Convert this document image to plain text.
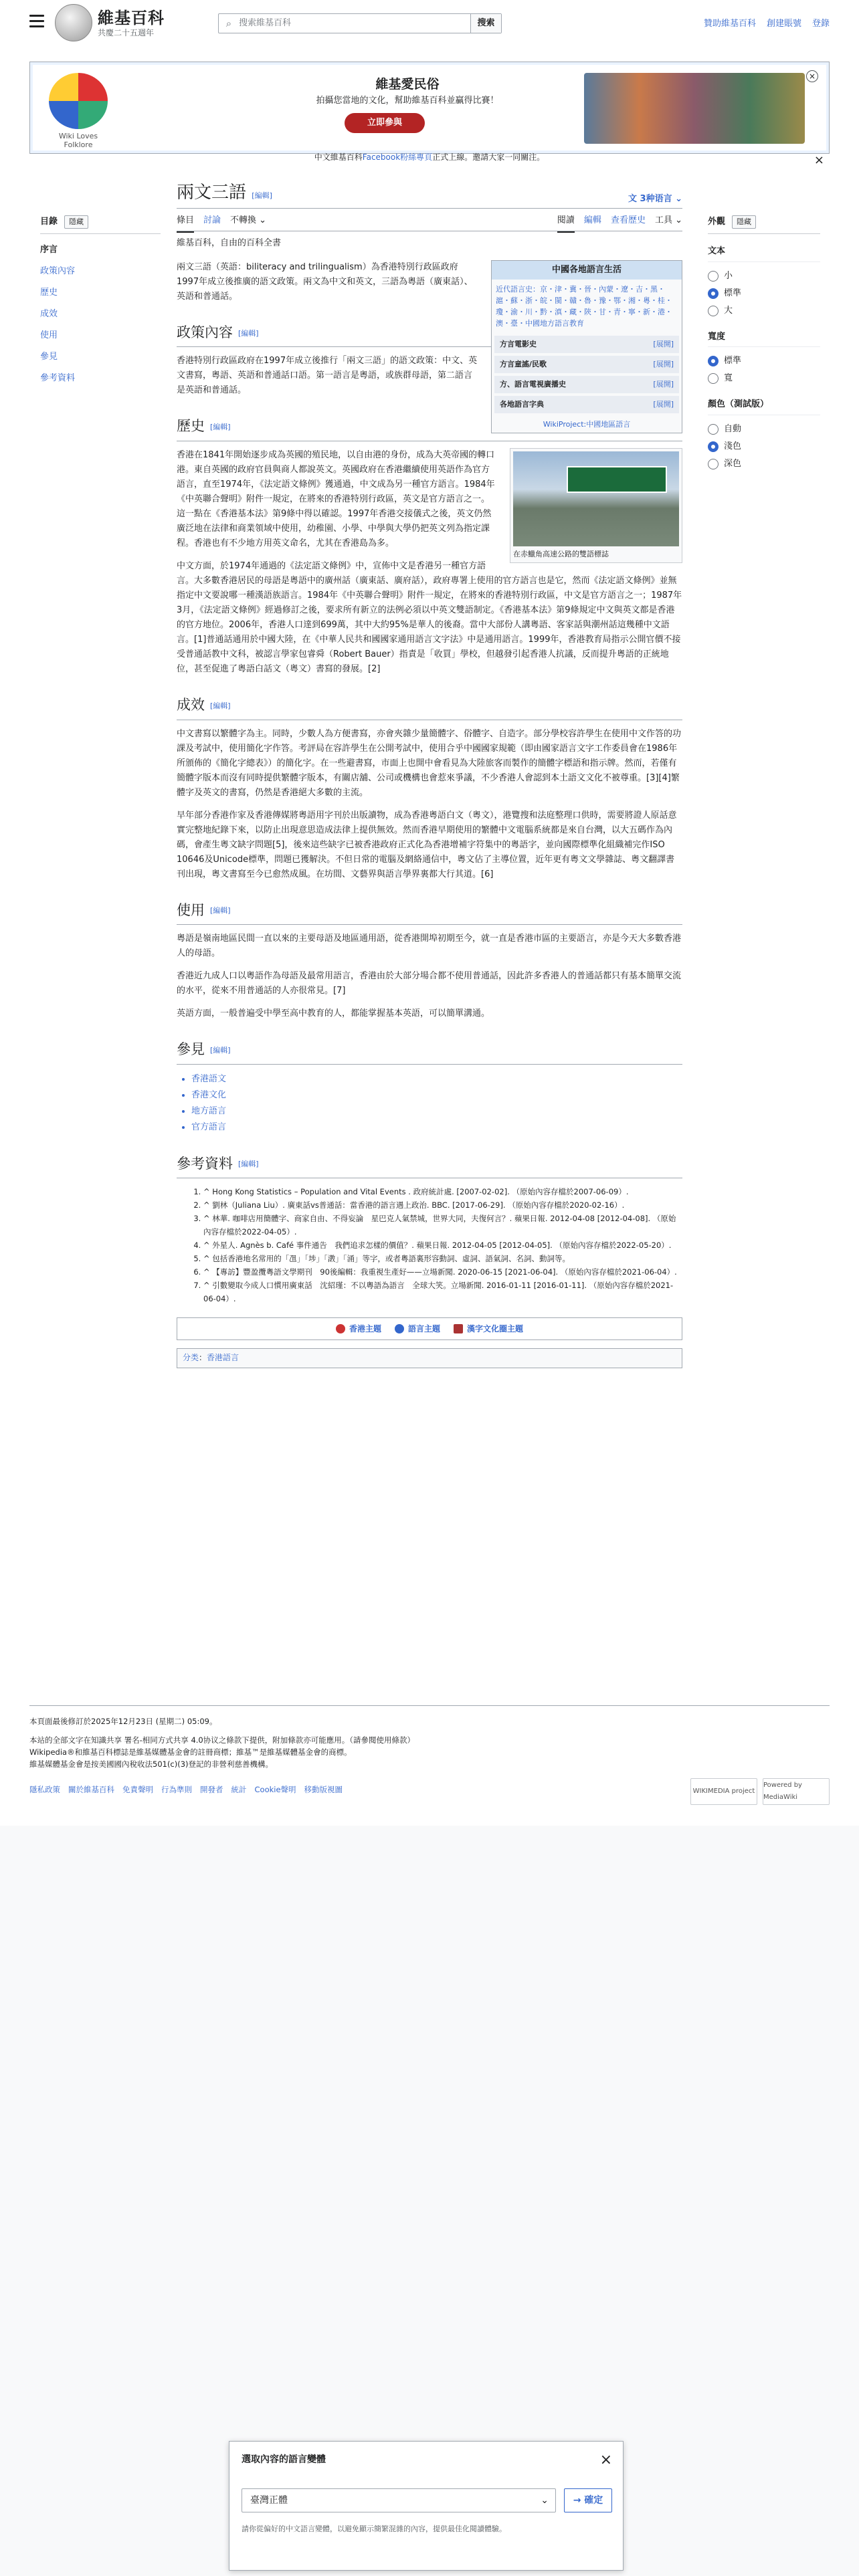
維基百科
共慶二十五週年
⌕ 搜索維基百科	搜索	贊助維基百科 創建賬號 登錄
Wiki Loves Folklore
維基愛民俗
拍攝您當地的文化，幫助維基百科並贏得比賽！
立即參與
×
中文維基百科Facebook粉絲專頁正式上線。邀請大家一同關注。	×
目錄	隱藏
序言
政策內容
歷史
成效
使用
參見
參考資料
外觀	隱藏
文本
小
標準
大
寬度
標準
寬
顏色（測試版）
自動
淺色
深色
兩文三語 [編輯]	文 3种语言 ⌄
條目 討論 不轉換 ⌄	閱讀 編輯 查看歷史 工具 ⌄
維基百科，自由的百科全書
中國各地語言生活
近代語言史：京・津・冀・晉・內蒙・遼・吉・黑・滬・蘇・浙・皖・閩・贛・魯・豫・鄂・湘・粵・桂・瓊・渝・川・黔・滇・藏・陝・甘・青・寧・新・港・澳・臺・中國地方語言教育
方言電影史	[展開]
方言童謠/民歌	[展開]
方、語言電視廣播史	[展開]
各地語言字典	[展開]
WikiProject:中國地區語言

兩文三語（英語：biliteracy and trilingualism）為香港特別行政區政府1997年成立後推廣的語文政策。兩文為中文和英文，三語為粵語（廣東話）、英語和普通話。

政策內容 [編輯]

香港特別行政區政府在1997年成立後推行「兩文三語」的語文政策：中文、英文書寫，粵語、英語和普通話口語。第一語言是粵語，或族群母語，第二語言是英語和普通話。

歷史 [編輯]
在赤鱲角高速公路的雙語標誌

香港在1841年開始逐步成為英國的殖民地，以自由港的身份，成為大英帝國的轉口港。東自英國的政府官員與商人都說英文。英國政府在香港繼續使用英語作為官方語言，直至1974年，《法定語文條例》獲通過，中文成為另一種官方語言。1984年《中英聯合聲明》附件一規定，在將來的香港特別行政區，英文是官方語言之一。這一點在《香港基本法》第9條中得以確認。1997年香港交接儀式之後，英文仍然廣泛地在法律和商業領域中使用，幼稚園、小學、中學與大學仍把英文列為指定課程。香港也有不少地方用英文命名，尤其在香港島為多。

中文方面，於1974年通過的《法定語文條例》中，宣佈中文是香港另一種官方語言。大多數香港居民的母語是粵語中的廣州話（廣東話、廣府話），政府專署上使用的官方語言也是它，然而《法定語文條例》並無指定中文要說哪一種漢語族語言。1984年《中英聯合聲明》附件一規定，在將來的香港特別行政區，中文是官方語言之一；1987年3月，《法定語文條例》經過修訂之後，要求所有新立的法例必須以中英文雙語制定。《香港基本法》第9條規定中文與英文都是香港的官方地位。2006年，香港人口達到699萬，其中大約95%是華人的後裔。當中大部份人講粵語、客家話與潮州話這幾種中文語言。[1]普通話通用於中國大陸，在《中華人民共和國國家通用語言文字法》中是通用語言。1999年，香港教育局指示公開官價不接受普通話教中文科，被認言學家包睿舜（Robert Bauer）指責是「收買」學校，但越發引起香港人抗議，反而提升粵語的正統地位，甚至促進了粵語白話文（粵文）書寫的發展。[2]

成效 [編輯]

中文書寫以繁體字為主。同時，少數人為方便書寫，亦會夾雜少量簡體字、俗體字、自造字。部分學校容許學生在使用中文作答的功課及考試中，使用簡化字作答。考評局在容許學生在公開考試中，使用合乎中國國家規範（即由國家語言文字工作委員會在1986年所頒佈的《簡化字總表》）的簡化字。在一些避書寫，市面上也開中會看見為大陸旅客而製作的簡體字標語和指示牌。然而，若僅有簡體字版本而沒有同時提供繁體字版本，有關店舖、公司或機構也會惹來爭議，不少香港人會認到本土語文文化不被尊重。[3][4]繁體字及英文的書寫，仍然是香港絕大多數的主流。

早年部分香港作家及香港傳媒將粵語用字刊於出版讀物，成為香港粵語白文（粵文），港覽搜和法庭整理口供時，需要將證人原話意實完整地紀錄下來，以防止出現意思造成法律上提供無效。然而香港早期使用的繁體中文電腦系統都是來自台灣，以大五碼作為內碼，會產生粵文缺字問題[5]，後來這些缺字已被香港政府正式化為香港增補字符集中的粵語字，並向國際標準化組織補完作ISO 10646及Unicode標準，問題已獲解決。不但日常的電腦及網絡通信中，粵文佔了主導位置，近年更有粵文文學雜誌、粵文翻譯書刊出現，粵文書寫至今已愈然成風。在坊間、文藝界與語言學界裏都大行其道。[6]

使用 [編輯]

粵語是嶺南地區民間一直以來的主要母語及地區通用語，從香港開埠初期至今，就一直是香港市區的主要語言，亦是今天大多數香港人的母語。

香港近九成人口以粵語作為母語及最常用語言，香港由於大部分場合都不使用普通話，因此許多香港人的普通話都只有基本簡單交流的水平，從來不用普通話的人亦很常見。[7]

英語方面，一般普遍受中學至高中教育的人，都能掌握基本英語，可以簡單溝通。

參見 [編輯]
• 香港語文
• 香港文化
• 地方語言
• 官方語言
參考資料 [編輯]
1. ^ Hong Kong Statistics – Population and Vital Events . 政府統計處. [2007-02-02]. （原始內容存檔於2007-06-09）.
2. ^ 劉林（Juliana Liu）. 廣東話vs普通話：當香港的語言遇上政治. BBC. [2017-06-29]. （原始內容存檔於2020-02-16）.
3. ^ 林華. 咖啡店用簡體字、商家自由、不得妄論　星巴克人氣禁城，世界大同，夫復何言？. 蘋果日報. 2012-04-08 [2012-04-08]. （原始內容存檔於2022-04-05）.
4. ^ 外星人. Agnès b. Café 事件通告　我們追求怎樣的價值？. 蘋果日報. 2012-04-05 [2012-04-05]. （原始內容存檔於2022-05-20）.
5. ^ 包括香港地名常用的「乪」「埗」「漖」「涌」等字，或者粵語裏形容動詞、虛詞、語氣詞、名詞、動詞等。
6. ^ 【專訪】豐盈攬粵語文學期刊　90後編輯：我重視生產好——立場新聞. 2020-06-15 [2021-06-04]. （原始內容存檔於2021-06-04）.
7. ^ 引數變取今成人口慣用廣東話　沈紹瑾：不以粵語為語言　全球大笑。立場新聞. 2016-01-11 [2016-01-11]. （原始內容存檔於2021-06-04）.
香港主題	語言主題	漢字文化圈主題
分类：香港語言
本頁面最後修訂於2025年12月23日 (星期二) 05:09。
本站的全部文字在知識共享 署名-相同方式共享 4.0协议之條款下提供，附加條款亦可能應用。（請參閱使用條款）
Wikipedia®和維基百科標誌是維基媒體基金會的註冊商標；維基™是維基媒體基金會的商標。
維基媒體基金會是按美國國內稅收法501(c)(3)登記的非營利慈善機構。
隱私政策 關於維基百科 免責聲明 行為準則 開發者 統計 Cookie聲明 移動版視圖	WIKIMEDIA project
Powered by MediaWiki
選取內容的語言變體	×
臺灣正體	⌄	→ 確定
請你從偏好的中文語言變體，以避免顯示簡繁混雜的內容，提供最佳化閱讀體驗。
